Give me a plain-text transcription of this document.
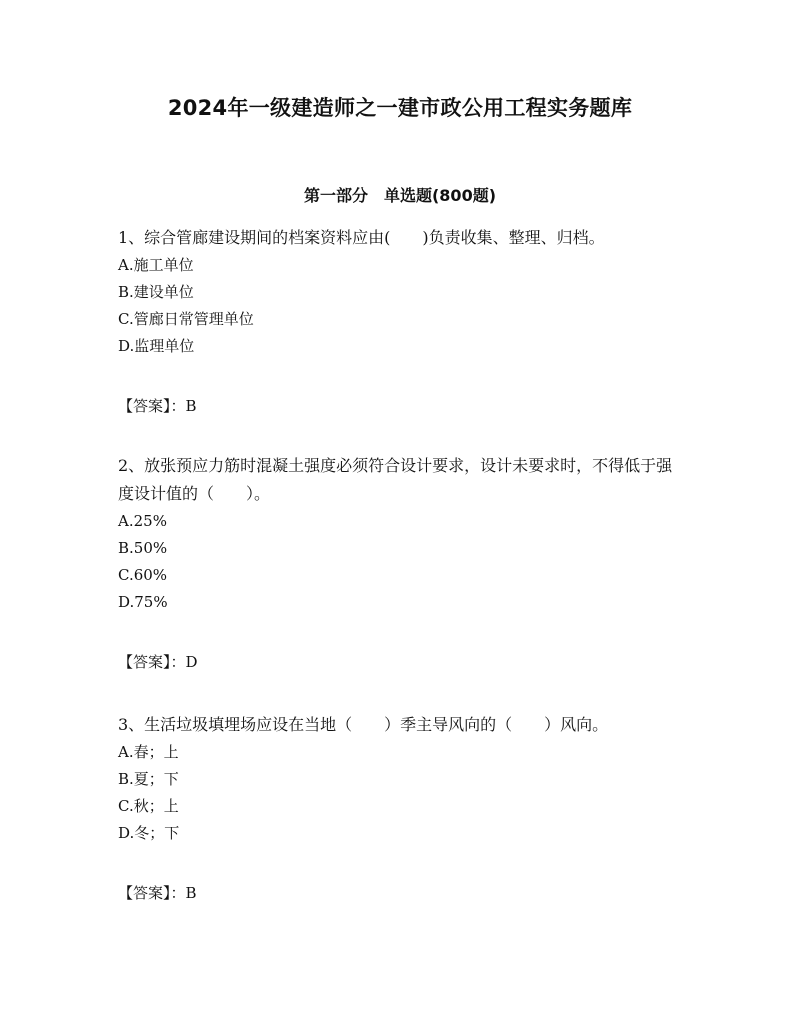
2024年一级建造师之一建市政公用工程实务题库
第一部分　单选题(800题)

1、综合管廊建设期间的档案资料应由(　　)负责收集、整理、归档。

A.施工单位
B.建设单位
C.管廊日常管理单位
D.监理单位
【答案】：B

2、放张预应力筋时混凝土强度必须符合设计要求，设计未要求时，不得低于强度设计值的（　　）。

A.25%
B.50%
C.60%
D.75%
【答案】：D

3、生活垃圾填埋场应设在当地（　　）季主导风向的（　　）风向。

A.春；上
B.夏；下
C.秋；上
D.冬；下
【答案】：B
